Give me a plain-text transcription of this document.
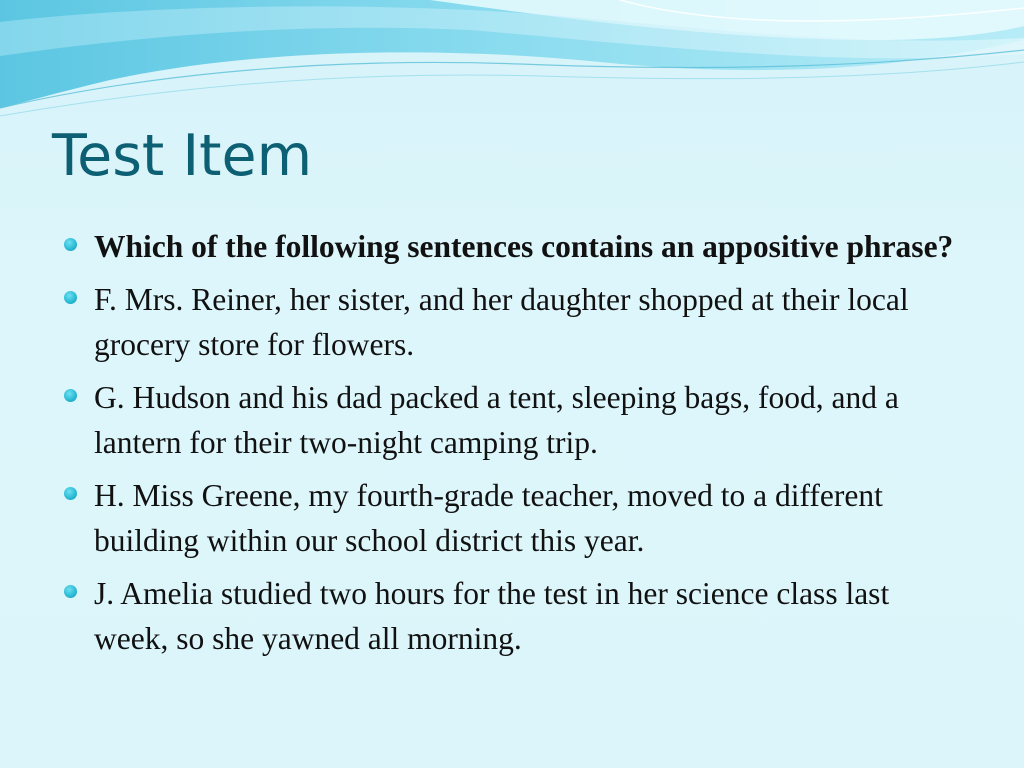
Test Item
Which of the following sentences contains an appositive phrase?
F. Mrs. Reiner, her sister, and her daughter shopped at their local grocery store for flowers.
G. Hudson and his dad packed a tent, sleeping bags, food, and a lantern for their two-night camping trip.
H. Miss Greene, my fourth-grade teacher, moved to a different building within our school district this year.
J. Amelia studied two hours for the test in her science class last week, so she yawned all morning.
